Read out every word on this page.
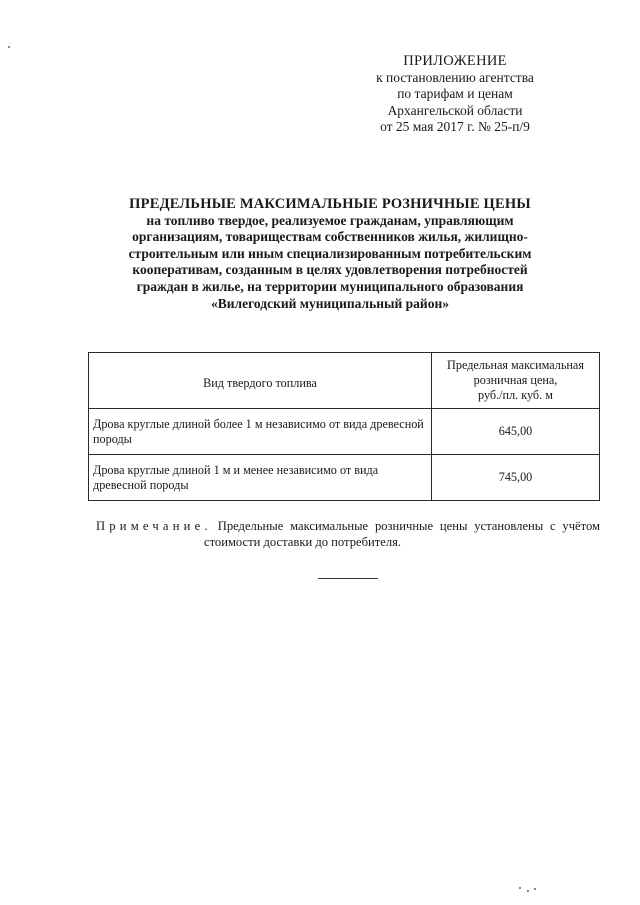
ПРИЛОЖЕНИЕ
к постановлению агентства
по тарифам и ценам
Архангельской области
от 25 мая 2017 г. № 25-п/9
ПРЕДЕЛЬНЫЕ МАКСИМАЛЬНЫЕ РОЗНИЧНЫЕ ЦЕНЫ
на топливо твердое, реализуемое гражданам, управляющим
организациям, товариществам собственников жилья, жилищно-
строительным или иным специализированным потребительским
кооперативам, созданным в целях удовлетворения потребностей
граждан в жилье, на территории муниципального образования
«Вилегодский муниципальный район»
Вид твердого топлива	Предельная максимальная
розничная цена,
руб./пл. куб. м

Дрова круглые длиной более 1 м независимо от вида древесной породы	645,00
Дрова круглые длиной 1 м и менее независимо от вида древесной породы	745,00
Примечание. Предельные максимальные розничные цены установлены с учётом
стоимости доставки до потребителя.
